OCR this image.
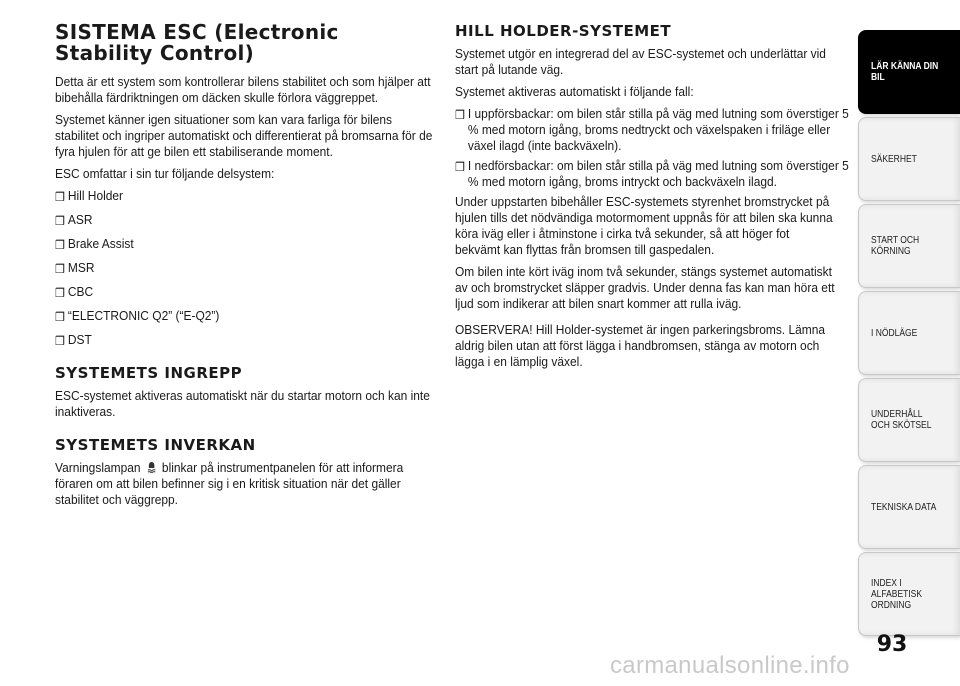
SISTEMA ESC (Electronic Stability Control)

Detta är ett system som kontrollerar bilens stabilitet och som hjälper att bibehålla färdriktningen om däcken skulle förlora väggreppet.

Systemet känner igen situationer som kan vara farliga för bilens stabilitet och ingriper automatiskt och differentierat på bromsarna för de fyra hjulen för att ge bilen ett stabiliserande moment.

ESC omfattar i sin tur följande delsystem:

❒ Hill Holder
❒ ASR
❒ Brake Assist
❒ MSR
❒ CBC
❒ “ELECTRONIC Q2” (“E-Q2”)
❒ DST
SYSTEMETS INGREPP

ESC-systemet aktiveras automatiskt när du startar motorn och kan inte inaktiveras.

SYSTEMETS INVERKAN

Varningslampan blinkar på instrumentpanelen för att informera föraren om att bilen befinner sig i en kritisk situation när det gäller stabilitet och väggrepp.

HILL HOLDER-SYSTEMET

Systemet utgör en integrerad del av ESC-systemet och underlättar vid start på lutande väg.

Systemet aktiveras automatiskt i följande fall:

❒ I uppförsbackar: om bilen står stilla på väg med lutning som överstiger 5 % med motorn igång, broms nedtryckt och växelspaken i friläge eller växel ilagd (inte backväxeln).
❒ I nedförsbackar: om bilen står stilla på väg med lutning som överstiger 5 % med motorn igång, broms intryckt och backväxeln ilagd.

Under uppstarten bibehåller ESC-systemets styrenhet bromstrycket på hjulen tills det nödvändiga motormoment uppnås för att bilen ska kunna köra iväg eller i åtminstone i cirka två sekunder, så att höger fot bekvämt kan flyttas från bromsen till gaspedalen.

Om bilen inte kört iväg inom två sekunder, stängs systemet automatiskt av och bromstrycket släpper gradvis. Under denna fas kan man höra ett ljud som indikerar att bilen snart kommer att rulla iväg.

OBSERVERA! Hill Holder-systemet är ingen parkeringsbroms. Lämna aldrig bilen utan att först lägga i handbromsen, stänga av motorn och lägga i en lämplig växel.

LÄR KÄNNA DIN BIL
SÄKERHET
START OCH KÖRNING
I NÖDLÄGE
UNDERHÅLL OCH SKÖTSEL
TEKNISKA DATA
INDEX I ALFABETISK ORDNING
93
carmanualsonline.info
